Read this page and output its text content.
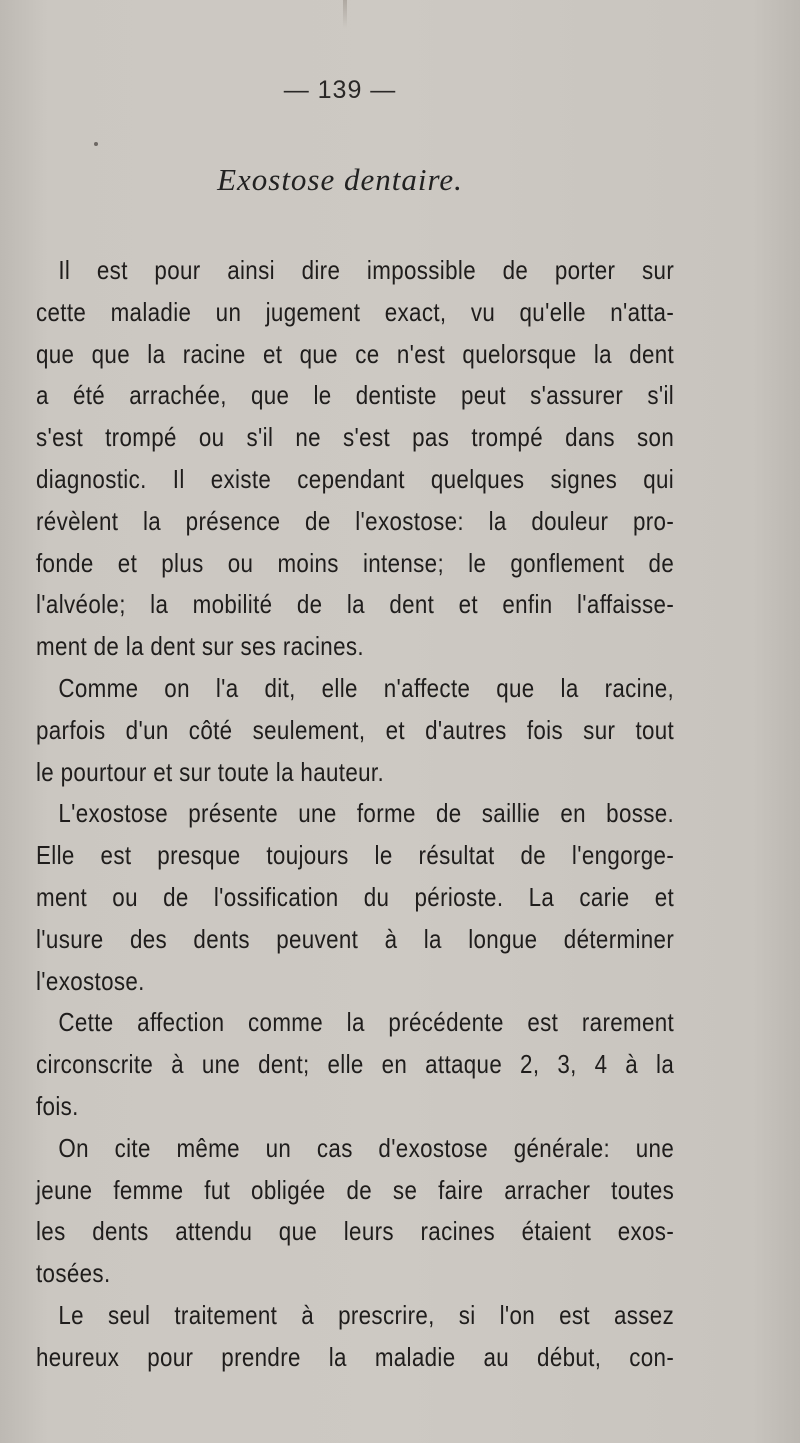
— 139 —
Exostose dentaire.
Il est pour ainsi dire impossible de porter sur
cette maladie un jugement exact, vu qu'elle n'atta-
que que la racine et que ce n'est quelorsque la dent
a été arrachée, que le dentiste peut s'assurer s'il
s'est trompé ou s'il ne s'est pas trompé dans son
diagnostic. Il existe cependant quelques signes qui
révèlent la présence de l'exostose: la douleur pro-
fonde et plus ou moins intense; le gonflement de
l'alvéole; la mobilité de la dent et enfin l'affaisse-
ment de la dent sur ses racines.
Comme on l'a dit, elle n'affecte que la racine,
parfois d'un côté seulement, et d'autres fois sur tout
le pourtour et sur toute la hauteur.
L'exostose présente une forme de saillie en bosse.
Elle est presque toujours le résultat de l'engorge-
ment ou de l'ossification du périoste. La carie et
l'usure des dents peuvent à la longue déterminer
l'exostose.
Cette affection comme la précédente est rarement
circonscrite à une dent; elle en attaque 2, 3, 4 à la
fois.
On cite même un cas d'exostose générale: une
jeune femme fut obligée de se faire arracher toutes
les dents attendu que leurs racines étaient exos-
tosées.
Le seul traitement à prescrire, si l'on est assez
heureux pour prendre la maladie au début, con-
